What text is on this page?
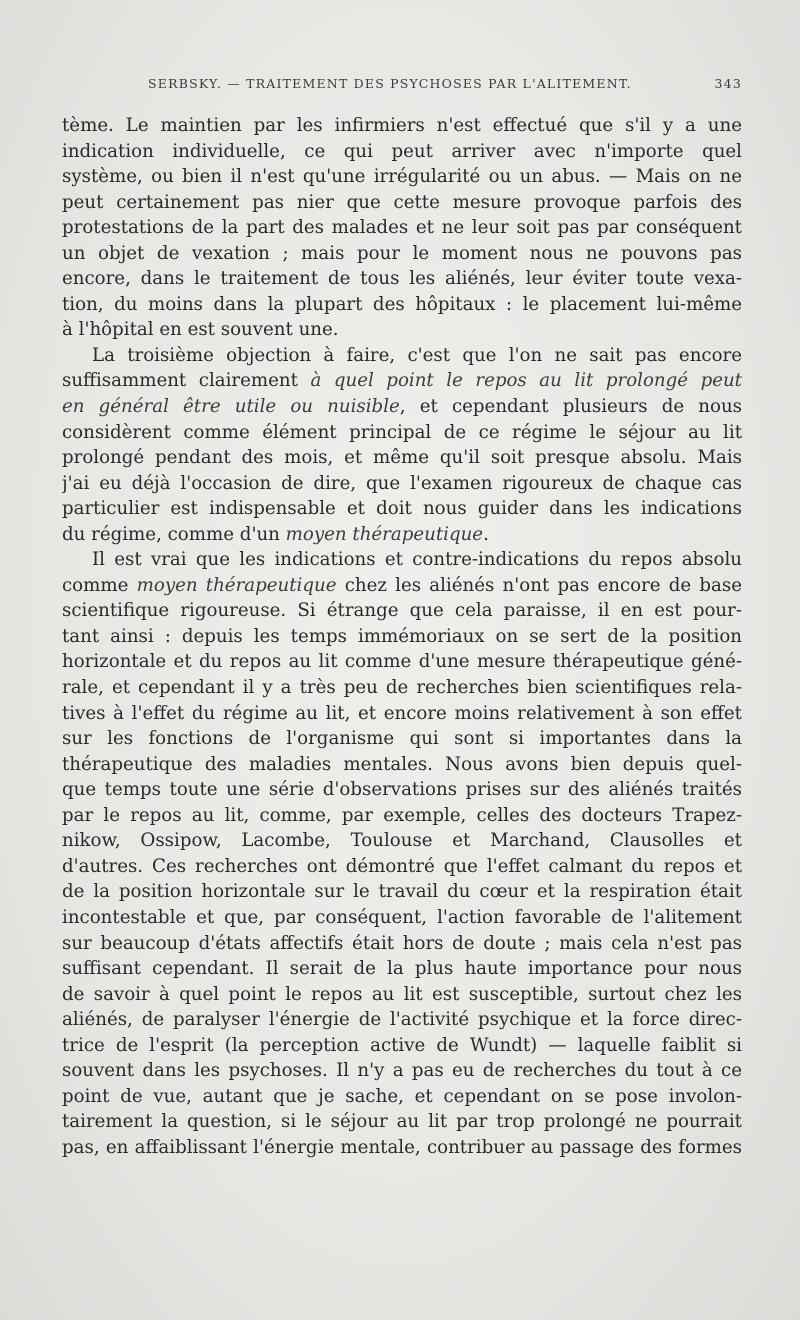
SERBSKY. — TRAITEMENT DES PSYCHOSES PAR L'ALITEMENT.	343
tème. Le maintien par les infirmiers n'est effectué que s'il y a une
indication individuelle, ce qui peut arriver avec n'importe quel
système, ou bien il n'est qu'une irrégularité ou un abus. — Mais on ne
peut certainement pas nier que cette mesure provoque parfois des
protestations de la part des malades et ne leur soit pas par conséquent
un objet de vexation ; mais pour le moment nous ne pouvons pas
encore, dans le traitement de tous les aliénés, leur éviter toute vexa-
tion, du moins dans la plupart des hôpitaux : le placement lui-même
à l'hôpital en est souvent une.
La troisième objection à faire, c'est que l'on ne sait pas encore
suffisamment clairement à quel point le repos au lit prolongé peut
en général être utile ou nuisible, et cependant plusieurs de nous
considèrent comme élément principal de ce régime le séjour au lit
prolongé pendant des mois, et même qu'il soit presque absolu. Mais
j'ai eu déjà l'occasion de dire, que l'examen rigoureux de chaque cas
particulier est indispensable et doit nous guider dans les indications
du régime, comme d'un moyen thérapeutique.
Il est vrai que les indications et contre-indications du repos absolu
comme moyen thérapeutique chez les aliénés n'ont pas encore de base
scientifique rigoureuse. Si étrange que cela paraisse, il en est pour-
tant ainsi : depuis les temps immémoriaux on se sert de la position
horizontale et du repos au lit comme d'une mesure thérapeutique géné-
rale, et cependant il y a très peu de recherches bien scientifiques rela-
tives à l'effet du régime au lit, et encore moins relativement à son effet
sur les fonctions de l'organisme qui sont si importantes dans la
thérapeutique des maladies mentales. Nous avons bien depuis quel-
que temps toute une série d'observations prises sur des aliénés traités
par le repos au lit, comme, par exemple, celles des docteurs Trapez-
nikow, Ossipow, Lacombe, Toulouse et Marchand, Clausolles et
d'autres. Ces recherches ont démontré que l'effet calmant du repos et
de la position horizontale sur le travail du cœur et la respiration était
incontestable et que, par conséquent, l'action favorable de l'alitement
sur beaucoup d'états affectifs était hors de doute ; mais cela n'est pas
suffisant cependant. Il serait de la plus haute importance pour nous
de savoir à quel point le repos au lit est susceptible, surtout chez les
aliénés, de paralyser l'énergie de l'activité psychique et la force direc-
trice de l'esprit (la perception active de Wundt) — laquelle faiblit si
souvent dans les psychoses. Il n'y a pas eu de recherches du tout à ce
point de vue, autant que je sache, et cependant on se pose involon-
tairement la question, si le séjour au lit par trop prolongé ne pourrait
pas, en affaiblissant l'énergie mentale, contribuer au passage des formes
